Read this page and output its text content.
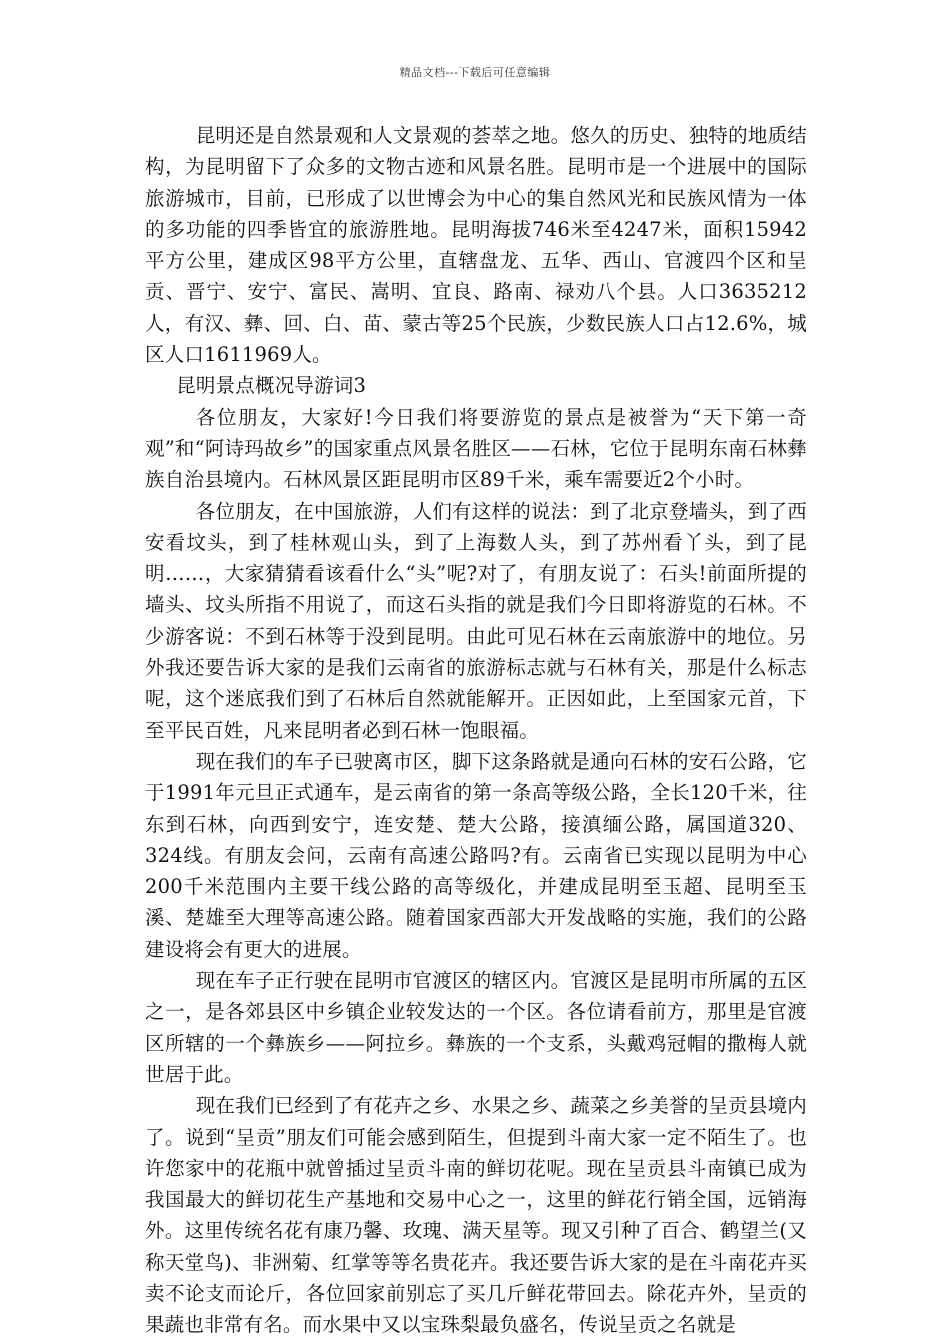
精品文档---下载后可任意编辑

昆明还是自然景观和人文景观的荟萃之地。悠久的历史、独特的地质结构，为昆明留下了众多的文物古迹和风景名胜。昆明市是一个进展中的国际旅游城市，目前，已形成了以世博会为中心的集自然风光和民族风情为一体的多功能的四季皆宜的旅游胜地。昆明海拔746米至4247米，面积15942平方公里，建成区98平方公里，直辖盘龙、五华、西山、官渡四个区和呈贡、晋宁、安宁、富民、嵩明、宜良、路南、禄劝八个县。人口3635212人，有汉、彝、回、白、苗、蒙古等25个民族，少数民族人口占12.6%，城区人口1611969人。

昆明景点概况导游词3

各位朋友，大家好!今日我们将要游览的景点是被誉为“天下第一奇观”和“阿诗玛故乡”的国家重点风景名胜区——石林，它位于昆明东南石林彝族自治县境内。石林风景区距昆明市区89千米，乘车需要近2个小时。

各位朋友，在中国旅游，人们有这样的说法：到了北京登墙头，到了西安看坟头，到了桂林观山头，到了上海数人头，到了苏州看丫头，到了昆明……，大家猜猜看该看什么“头”呢?对了，有朋友说了：石头!前面所提的墙头、坟头所指不用说了，而这石头指的就是我们今日即将游览的石林。不少游客说：不到石林等于没到昆明。由此可见石林在云南旅游中的地位。另外我还要告诉大家的是我们云南省的旅游标志就与石林有关，那是什么标志呢，这个迷底我们到了石林后自然就能解开。正因如此，上至国家元首，下至平民百姓，凡来昆明者必到石林一饱眼福。

现在我们的车子已驶离市区，脚下这条路就是通向石林的安石公路，它于1991年元旦正式通车，是云南省的第一条高等级公路，全长120千米，往东到石林，向西到安宁，连安楚、楚大公路，接滇缅公路，属国道320、324线。有朋友会问，云南有高速公路吗?有。云南省已实现以昆明为中心200千米范围内主要干线公路的高等级化，并建成昆明至玉超、昆明至玉溪、楚雄至大理等高速公路。随着国家西部大开发战略的实施，我们的公路建设将会有更大的进展。

现在车子正行驶在昆明市官渡区的辖区内。官渡区是昆明市所属的五区之一，是各郊县区中乡镇企业较发达的一个区。各位请看前方，那里是官渡区所辖的一个彝族乡——阿拉乡。彝族的一个支系，头戴鸡冠帽的撒梅人就世居于此。

现在我们已经到了有花卉之乡、水果之乡、蔬菜之乡美誉的呈贡县境内了。说到“呈贡”朋友们可能会感到陌生，但提到斗南大家一定不陌生了。也许您家中的花瓶中就曾插过呈贡斗南的鲜切花呢。现在呈贡县斗南镇已成为我国最大的鲜切花生产基地和交易中心之一，这里的鲜花行销全国，远销海外。这里传统名花有康乃馨、玫瑰、满天星等。现又引种了百合、鹤望兰(又称天堂鸟)、非洲菊、红掌等等名贵花卉。我还要告诉大家的是在斗南花卉买卖不论支而论斤，各位回家前别忘了买几斤鲜花带回去。除花卉外，呈贡的果蔬也非常有名。而水果中又以宝珠梨最负盛名，传说呈贡之名就是
